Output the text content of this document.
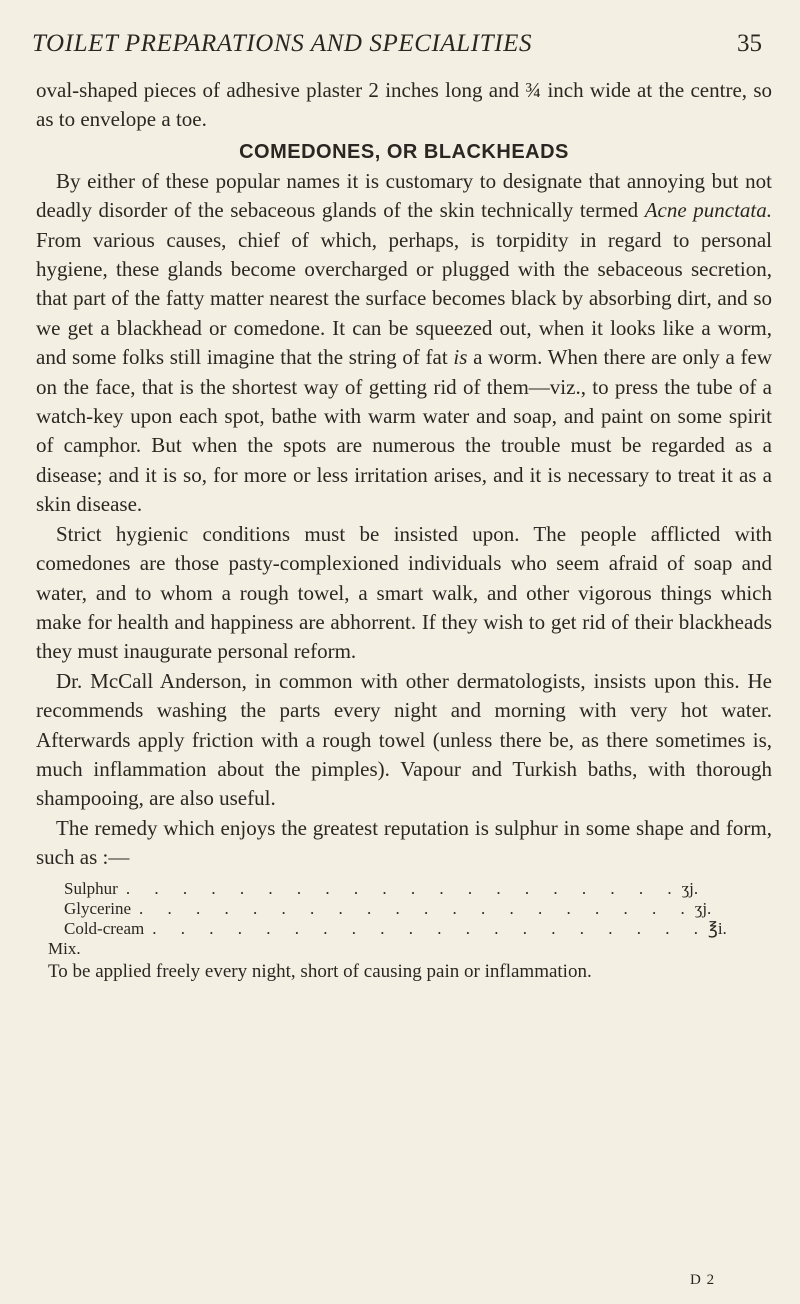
TOILET PREPARATIONS AND SPECIALITIES	35

oval-shaped pieces of adhesive plaster 2 inches long and ¾ inch wide at the centre, so as to envelope a toe.

COMEDONES, OR BLACKHEADS

By either of these popular names it is customary to designate that annoying but not deadly disorder of the sebaceous glands of the skin technically termed Acne punctata. From various causes, chief of which, perhaps, is torpidity in regard to personal hygiene, these glands become overcharged or plugged with the sebaceous secretion, that part of the fatty matter nearest the surface becomes black by absorbing dirt, and so we get a blackhead or comedone. It can be squeezed out, when it looks like a worm, and some folks still imagine that the string of fat is a worm. When there are only a few on the face, that is the shortest way of getting rid of them—viz., to press the tube of a watch-key upon each spot, bathe with warm water and soap, and paint on some spirit of camphor. But when the spots are numerous the trouble must be regarded as a disease; and it is so, for more or less irritation arises, and it is necessary to treat it as a skin disease.

Strict hygienic conditions must be insisted upon. The people afflicted with comedones are those pasty-complexioned individuals who seem afraid of soap and water, and to whom a rough towel, a smart walk, and other vigorous things which make for health and happiness are abhorrent. If they wish to get rid of their blackheads they must inaugurate personal reform.

Dr. McCall Anderson, in common with other dermatologists, insists upon this. He recommends washing the parts every night and morning with very hot water. Afterwards apply friction with a rough towel (unless there be, as there sometimes is, much inflammation about the pimples). Vapour and Turkish baths, with thorough shampooing, are also useful.

The remedy which enjoys the greatest reputation is sulphur in some shape and form, such as :—

Sulphur . . . . . . . . . . . . . . . . . . . . ʒj.
Glycerine . . . . . . . . . . . . . . . . . . . . ʒj.
Cold-cream . . . . . . . . . . . . . . . . . . . . ℥i.
Mix.

To be applied freely every night, short of causing pain or inflammation.

D 2
